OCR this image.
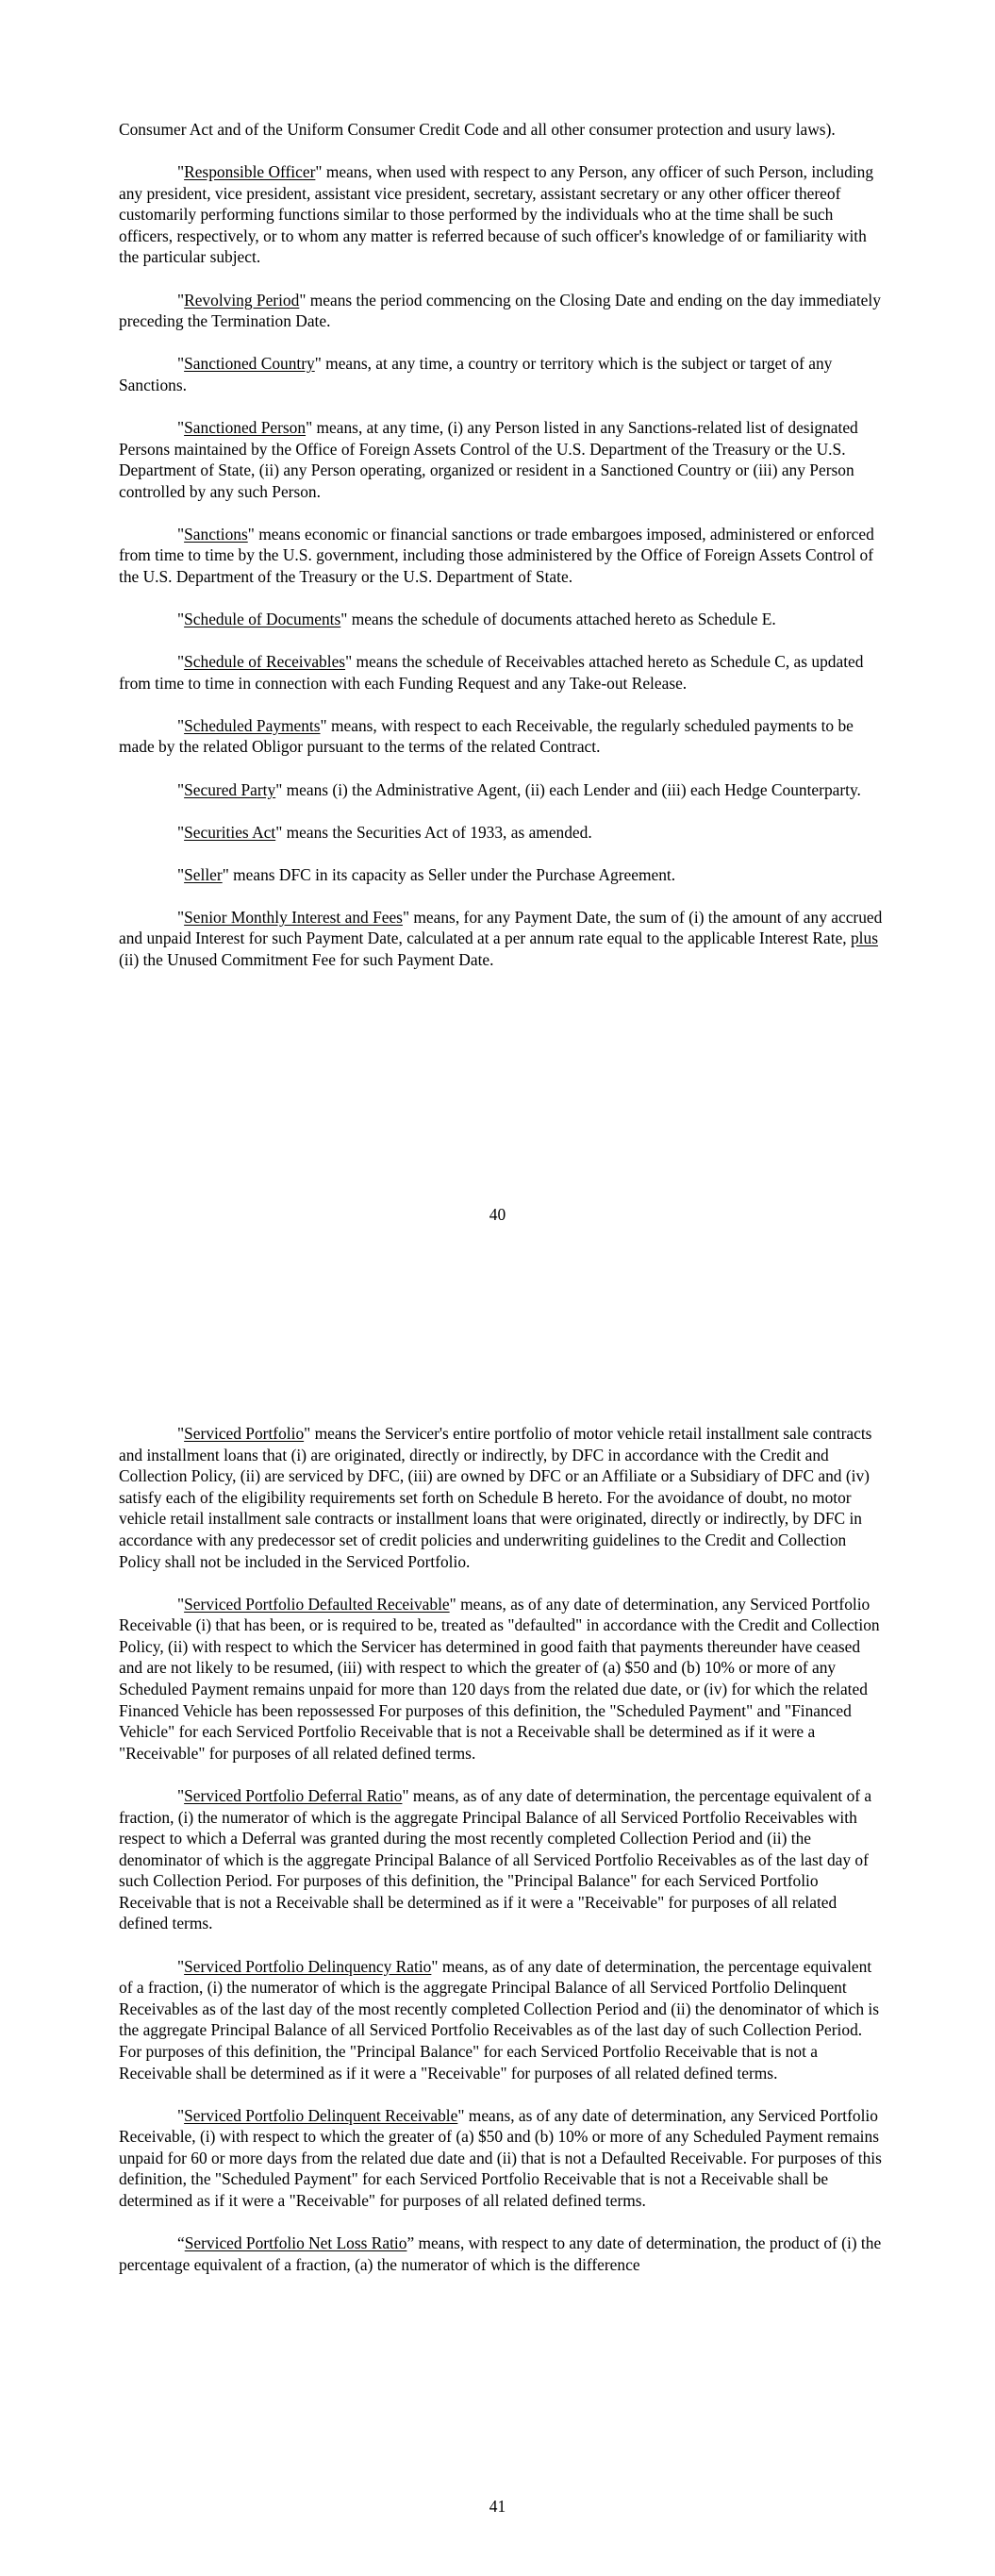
Consumer Act and of the Uniform Consumer Credit Code and all other consumer protection and usury laws).

"Responsible Officer" means, when used with respect to any Person, any officer of such Person, including any president, vice president, assistant vice president, secretary, assistant secretary or any other officer thereof customarily performing functions similar to those performed by the individuals who at the time shall be such officers, respectively, or to whom any matter is referred because of such officer's knowledge of or familiarity with the particular subject.

"Revolving Period" means the period commencing on the Closing Date and ending on the day immediately preceding the Termination Date.

"Sanctioned Country" means, at any time, a country or territory which is the subject or target of any Sanctions.

"Sanctioned Person" means, at any time, (i) any Person listed in any Sanctions-related list of designated Persons maintained by the Office of Foreign Assets Control of the U.S. Department of the Treasury or the U.S. Department of State, (ii) any Person operating, organized or resident in a Sanctioned Country or (iii) any Person controlled by any such Person.

"Sanctions" means economic or financial sanctions or trade embargoes imposed, administered or enforced from time to time by the U.S. government, including those administered by the Office of Foreign Assets Control of the U.S. Department of the Treasury or the U.S. Department of State.

"Schedule of Documents" means the schedule of documents attached hereto as Schedule E.

"Schedule of Receivables" means the schedule of Receivables attached hereto as Schedule C, as updated from time to time in connection with each Funding Request and any Take-out Release.

"Scheduled Payments" means, with respect to each Receivable, the regularly scheduled payments to be made by the related Obligor pursuant to the terms of the related Contract.

"Secured Party" means (i) the Administrative Agent, (ii) each Lender and (iii) each Hedge Counterparty.

"Securities Act" means the Securities Act of 1933, as amended.

"Seller" means DFC in its capacity as Seller under the Purchase Agreement.

"Senior Monthly Interest and Fees" means, for any Payment Date, the sum of (i) the amount of any accrued and unpaid Interest for such Payment Date, calculated at a per annum rate equal to the applicable Interest Rate, plus (ii) the Unused Commitment Fee for such Payment Date.

40

"Serviced Portfolio" means the Servicer's entire portfolio of motor vehicle retail installment sale contracts and installment loans that (i) are originated, directly or indirectly, by DFC in accordance with the Credit and Collection Policy, (ii) are serviced by DFC, (iii) are owned by DFC or an Affiliate or a Subsidiary of DFC and (iv) satisfy each of the eligibility requirements set forth on Schedule B hereto. For the avoidance of doubt, no motor vehicle retail installment sale contracts or installment loans that were originated, directly or indirectly, by DFC in accordance with any predecessor set of credit policies and underwriting guidelines to the Credit and Collection Policy shall not be included in the Serviced Portfolio.

"Serviced Portfolio Defaulted Receivable" means, as of any date of determination, any Serviced Portfolio Receivable (i) that has been, or is required to be, treated as "defaulted" in accordance with the Credit and Collection Policy, (ii) with respect to which the Servicer has determined in good faith that payments thereunder have ceased and are not likely to be resumed, (iii) with respect to which the greater of (a) $50 and (b) 10% or more of any Scheduled Payment remains unpaid for more than 120 days from the related due date, or (iv) for which the related Financed Vehicle has been repossessed For purposes of this definition, the "Scheduled Payment" and "Financed Vehicle" for each Serviced Portfolio Receivable that is not a Receivable shall be determined as if it were a "Receivable" for purposes of all related defined terms.

"Serviced Portfolio Deferral Ratio" means, as of any date of determination, the percentage equivalent of a fraction, (i) the numerator of which is the aggregate Principal Balance of all Serviced Portfolio Receivables with respect to which a Deferral was granted during the most recently completed Collection Period and (ii) the denominator of which is the aggregate Principal Balance of all Serviced Portfolio Receivables as of the last day of such Collection Period. For purposes of this definition, the "Principal Balance" for each Serviced Portfolio Receivable that is not a Receivable shall be determined as if it were a "Receivable" for purposes of all related defined terms.

"Serviced Portfolio Delinquency Ratio" means, as of any date of determination, the percentage equivalent of a fraction, (i) the numerator of which is the aggregate Principal Balance of all Serviced Portfolio Delinquent Receivables as of the last day of the most recently completed Collection Period and (ii) the denominator of which is the aggregate Principal Balance of all Serviced Portfolio Receivables as of the last day of such Collection Period. For purposes of this definition, the "Principal Balance" for each Serviced Portfolio Receivable that is not a Receivable shall be determined as if it were a "Receivable" for purposes of all related defined terms.

"Serviced Portfolio Delinquent Receivable" means, as of any date of determination, any Serviced Portfolio Receivable, (i) with respect to which the greater of (a) $50 and (b) 10% or more of any Scheduled Payment remains unpaid for 60 or more days from the related due date and (ii) that is not a Defaulted Receivable. For purposes of this definition, the "Scheduled Payment" for each Serviced Portfolio Receivable that is not a Receivable shall be determined as if it were a "Receivable" for purposes of all related defined terms.

“Serviced Portfolio Net Loss Ratio” means, with respect to any date of determination, the product of (i) the percentage equivalent of a fraction, (a) the numerator of which is the difference

41
